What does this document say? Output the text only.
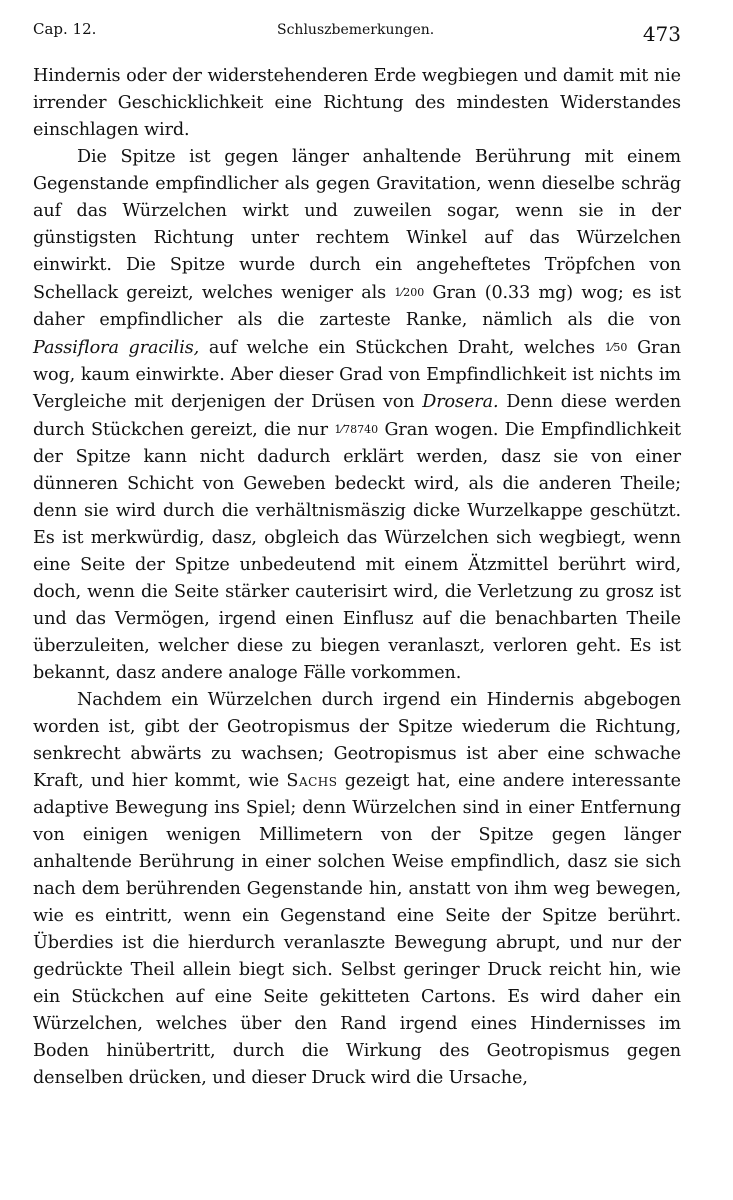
Cap. 12.	Schluszbemerkungen.	473

Hindernis oder der widerstehenderen Erde wegbiegen und damit mit nie irrender Geschicklichkeit eine Richtung des mindesten Widerstandes einschlagen wird.

Die Spitze ist gegen länger anhaltende Berührung mit einem Gegenstande empfindlicher als gegen Gravitation, wenn dieselbe schräg auf das Würzelchen wirkt und zuweilen sogar, wenn sie in der günstigsten Richtung unter rechtem Winkel auf das Würzelchen einwirkt. Die Spitze wurde durch ein angeheftetes Tröpfchen von Schellack gereizt, welches weniger als 1⁄200 Gran (0.33 mg) wog; es ist daher empfindlicher als die zarteste Ranke, nämlich als die von Passiflora gracilis, auf welche ein Stückchen Draht, welches 1⁄50 Gran wog, kaum einwirkte. Aber dieser Grad von Empfindlichkeit ist nichts im Vergleiche mit derjenigen der Drüsen von Drosera. Denn diese werden durch Stückchen gereizt, die nur 1⁄78740 Gran wogen. Die Empfindlichkeit der Spitze kann nicht dadurch erklärt werden, dasz sie von einer dünneren Schicht von Geweben bedeckt wird, als die anderen Theile; denn sie wird durch die verhältnismäszig dicke Wurzelkappe geschützt. Es ist merkwürdig, dasz, obgleich das Würzelchen sich wegbiegt, wenn eine Seite der Spitze unbedeutend mit einem Ätzmittel berührt wird, doch, wenn die Seite stärker cauterisirt wird, die Verletzung zu grosz ist und das Vermögen, irgend einen Einflusz auf die benachbarten Theile überzuleiten, welcher diese zu biegen veranlaszt, verloren geht. Es ist bekannt, dasz andere analoge Fälle vorkommen.

Nachdem ein Würzelchen durch irgend ein Hindernis abgebogen worden ist, gibt der Geotropismus der Spitze wiederum die Richtung, senkrecht abwärts zu wachsen; Geotropismus ist aber eine schwache Kraft, und hier kommt, wie Sachs gezeigt hat, eine andere interessante adaptive Bewegung ins Spiel; denn Würzelchen sind in einer Entfernung von einigen wenigen Millimetern von der Spitze gegen länger anhaltende Berührung in einer solchen Weise empfindlich, dasz sie sich nach dem berührenden Gegenstande hin, anstatt von ihm weg bewegen, wie es eintritt, wenn ein Gegenstand eine Seite der Spitze berührt. Überdies ist die hierdurch veranlaszte Bewegung abrupt, und nur der gedrückte Theil allein biegt sich. Selbst geringer Druck reicht hin, wie ein Stückchen auf eine Seite gekitteten Cartons. Es wird daher ein Würzelchen, welches über den Rand irgend eines Hindernisses im Boden hinübertritt, durch die Wirkung des Geotropismus gegen denselben drücken, und dieser Druck wird die Ursache,
